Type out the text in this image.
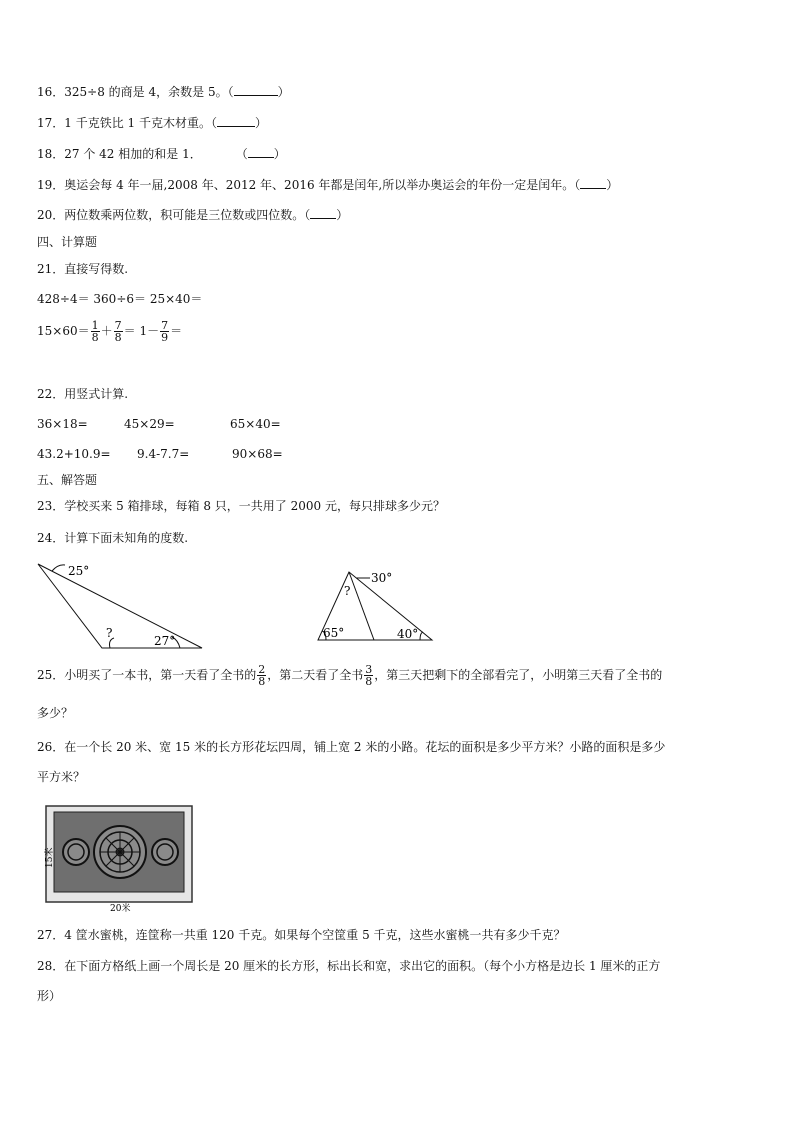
16．325÷8 的商是 4，余数是 5。（	）
17．1 千克铁比 1 千克木材重。（	）
18．27 个 42 相加的和是 1．	（ ）
19．奥运会每 4 年一届,2008 年、2012 年、2016 年都是闰年,所以举办奥运会的年份一定是闰年。（ ）
20．两位数乘两位数，积可能是三位数或四位数。（ ）
四、计算题
21．直接写得数.
428÷4＝ 360÷6＝ 25×40＝
$15\times 60= \frac{1}{8} + \frac{7}{8} = 1- \frac{7}{9}$ ＝
22．用竖式计算.
36×18=	45×29=	65×40=
43.2+10.9= 9.4-7.7=	90×68=
五、解答题
23．学校买来 5 箱排球，每箱 8 只，一共用了 2000 元，每只排球多少元？
24．计算下面未知角的度数.
25°
?
27°
30°
?
65°	40°
25．小明买了一本书，第一天看了全书的 $\frac{2}{8}$ ，第二天看了全书 $\frac{3}{8}$ ，第三天把剩下的全部看完了，小明第三天看了全书的
多少？
26．在一个长 20 米、宽 15 米的长方形花坛四周，铺上宽 2 米的小路。花坛的面积是多少平方米？小路的面积是多少
平方米？
15米
20米
27．4 筐水蜜桃，连筐称一共重 120 千克。如果每个空筐重 5 千克，这些水蜜桃一共有多少千克？
28．在下面方格纸上画一个周长是 20 厘米的长方形，标出长和宽，求出它的面积。（每个小方格是边长 1 厘米的正方
形）
